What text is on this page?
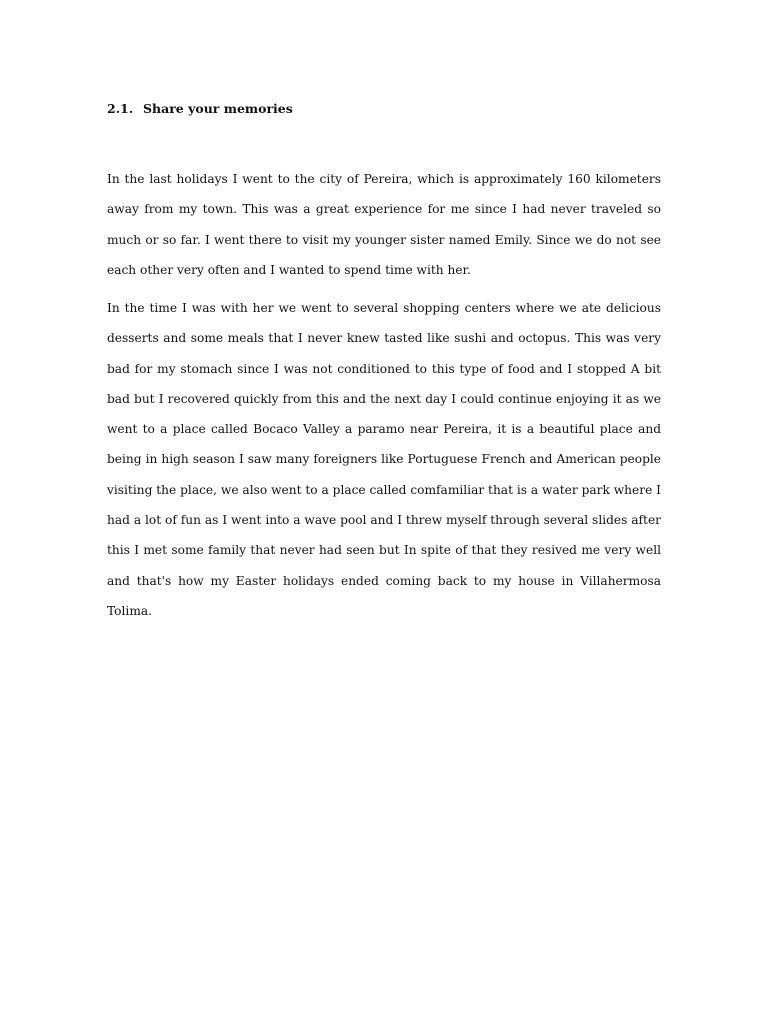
2.1. Share your memories

In the last holidays I went to the city of Pereira, which is approximately 160 kilometers away from my town. This was a great experience for me since I had never traveled so much or so far. I went there to visit my younger sister named Emily. Since we do not see each other very often and I wanted to spend time with her.

In the time I was with her we went to several shopping centers where we ate delicious desserts and some meals that I never knew tasted like sushi and octopus. This was very bad for my stomach since I was not conditioned to this type of food and I stopped A bit bad but I recovered quickly from this and the next day I could continue enjoying it as we went to a place called Bocaco Valley a paramo near Pereira, it is a beautiful place and being in high season I saw many foreigners like Portuguese French and American people visiting the place, we also went to a place called comfamiliar that is a water park where I had a lot of fun as I went into a wave pool and I threw myself through several slides after this I met some family that never had seen but In spite of that they resived me very well and that's how my Easter holidays ended coming back to my house in Villahermosa Tolima.
